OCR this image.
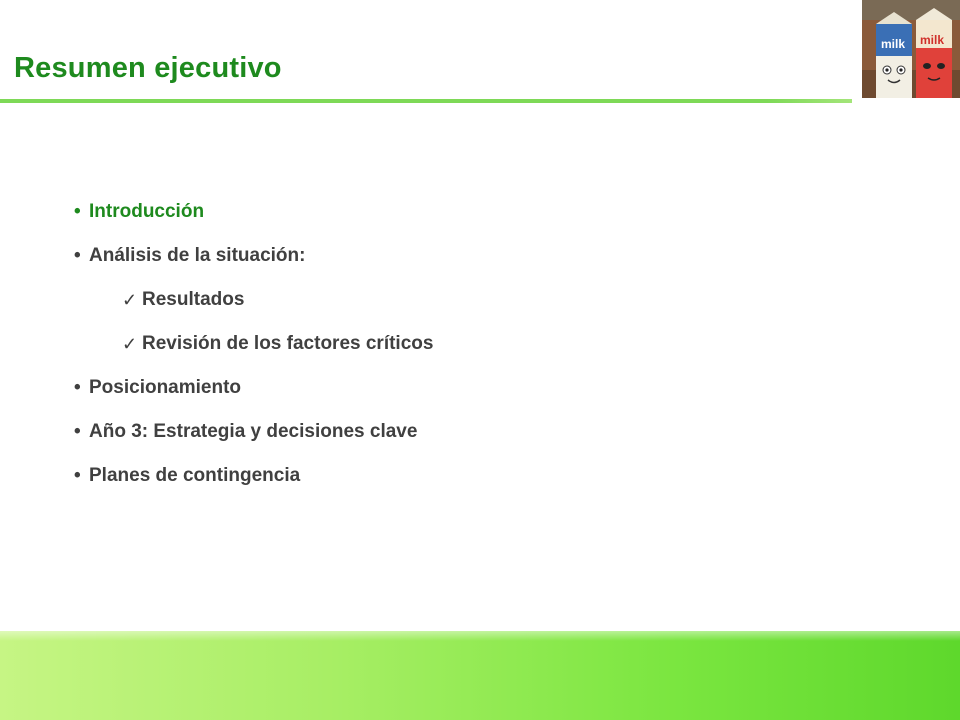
Resumen ejecutivo
milk milk
• Introducción
• Análisis de la situación:
✓ Resultados
✓ Revisión de los factores críticos
• Posicionamiento
• Año 3: Estrategia y decisiones clave
• Planes de contingencia
